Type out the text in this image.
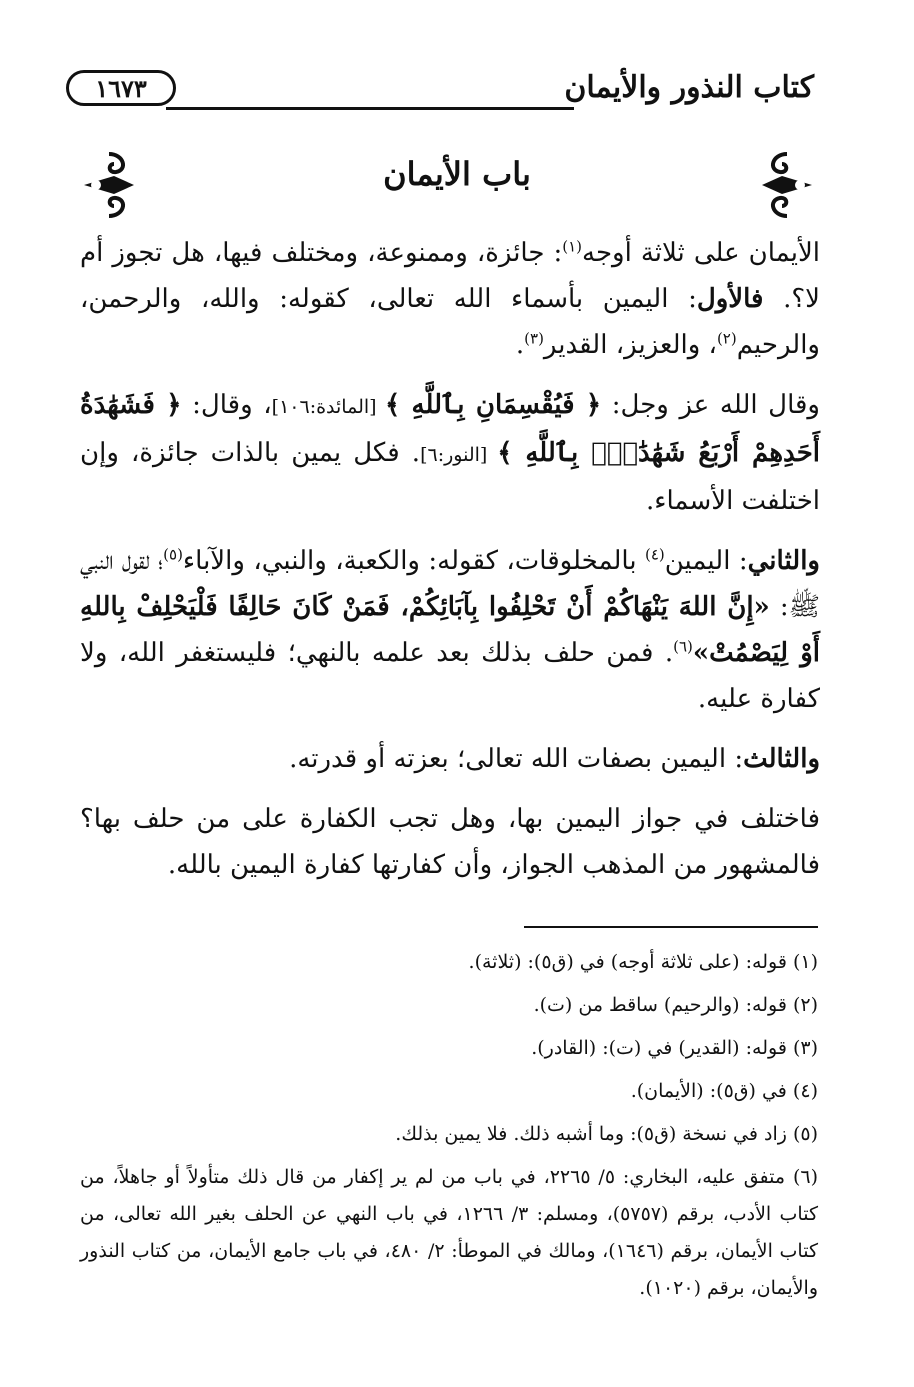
كتاب النذور والأيمان
١٦٧٣
باب الأيمان

الأيمان على ثلاثة أوجه$^{(١)}$: جائزة، وممنوعة، ومختلف فيها، هل تجوز أم لا؟. فالأول: اليمين بأسماء الله تعالى، كقوله: والله، والرحمن، والرحيم$^{(٢)}$، والعزيز، القدير$^{(٣)}$.

وقال الله عز وجل: ﴿ فَيُقْسِمَانِ بِٱللَّهِ ﴾ [المائدة:١٠٦]، وقال: ﴿ فَشَهَٰدَةُ أَحَدِهِمْ أَرْبَعُ شَهَٰدَٰتٍۭ بِٱللَّهِ ﴾ [النور:٦]. فكل يمين بالذات جائزة، وإن اختلفت الأسماء.

والثاني: اليمين$^{(٤)}$ بالمخلوقات، كقوله: والكعبة، والنبي، والآباء$^{(٥)}$؛ لقول النبي ﷺ: «إِنَّ اللهَ يَنْهَاكُمْ أَنْ تَحْلِفُوا بِآبَائِكُمْ، فَمَنْ كَانَ حَالِفًا فَلْيَحْلِفْ بِاللهِ أَوْ لِيَصْمُتْ»$^{(٦)}$. فمن حلف بذلك بعد علمه بالنهي؛ فليستغفر الله، ولا كفارة عليه.

والثالث: اليمين بصفات الله تعالى؛ بعزته أو قدرته.

فاختلف في جواز اليمين بها، وهل تجب الكفارة على من حلف بها؟ فالمشهور من المذهب الجواز، وأن كفارتها كفارة اليمين بالله.

(١) قوله: (على ثلاثة أوجه) في (ق٥): (ثلاثة).

(٢) قوله: (والرحيم) ساقط من (ت).

(٣) قوله: (القدير) في (ت): (القادر).

(٤) في (ق٥): (الأيمان).

(٥) زاد في نسخة (ق٥): وما أشبه ذلك. فلا يمين بذلك.

(٦) متفق عليه، البخاري: ٥/ ٢٢٦٥، في باب من لم ير إكفار من قال ذلك متأولاً أو جاهلاً، من كتاب الأدب، برقم (٥٧٥٧)، ومسلم: ٣/ ١٢٦٦، في باب النهي عن الحلف بغير الله تعالى، من كتاب الأيمان، برقم (١٦٤٦)، ومالك في الموطأ: ٢/ ٤٨٠، في باب جامع الأيمان، من كتاب النذور والأيمان، برقم (١٠٢٠).
